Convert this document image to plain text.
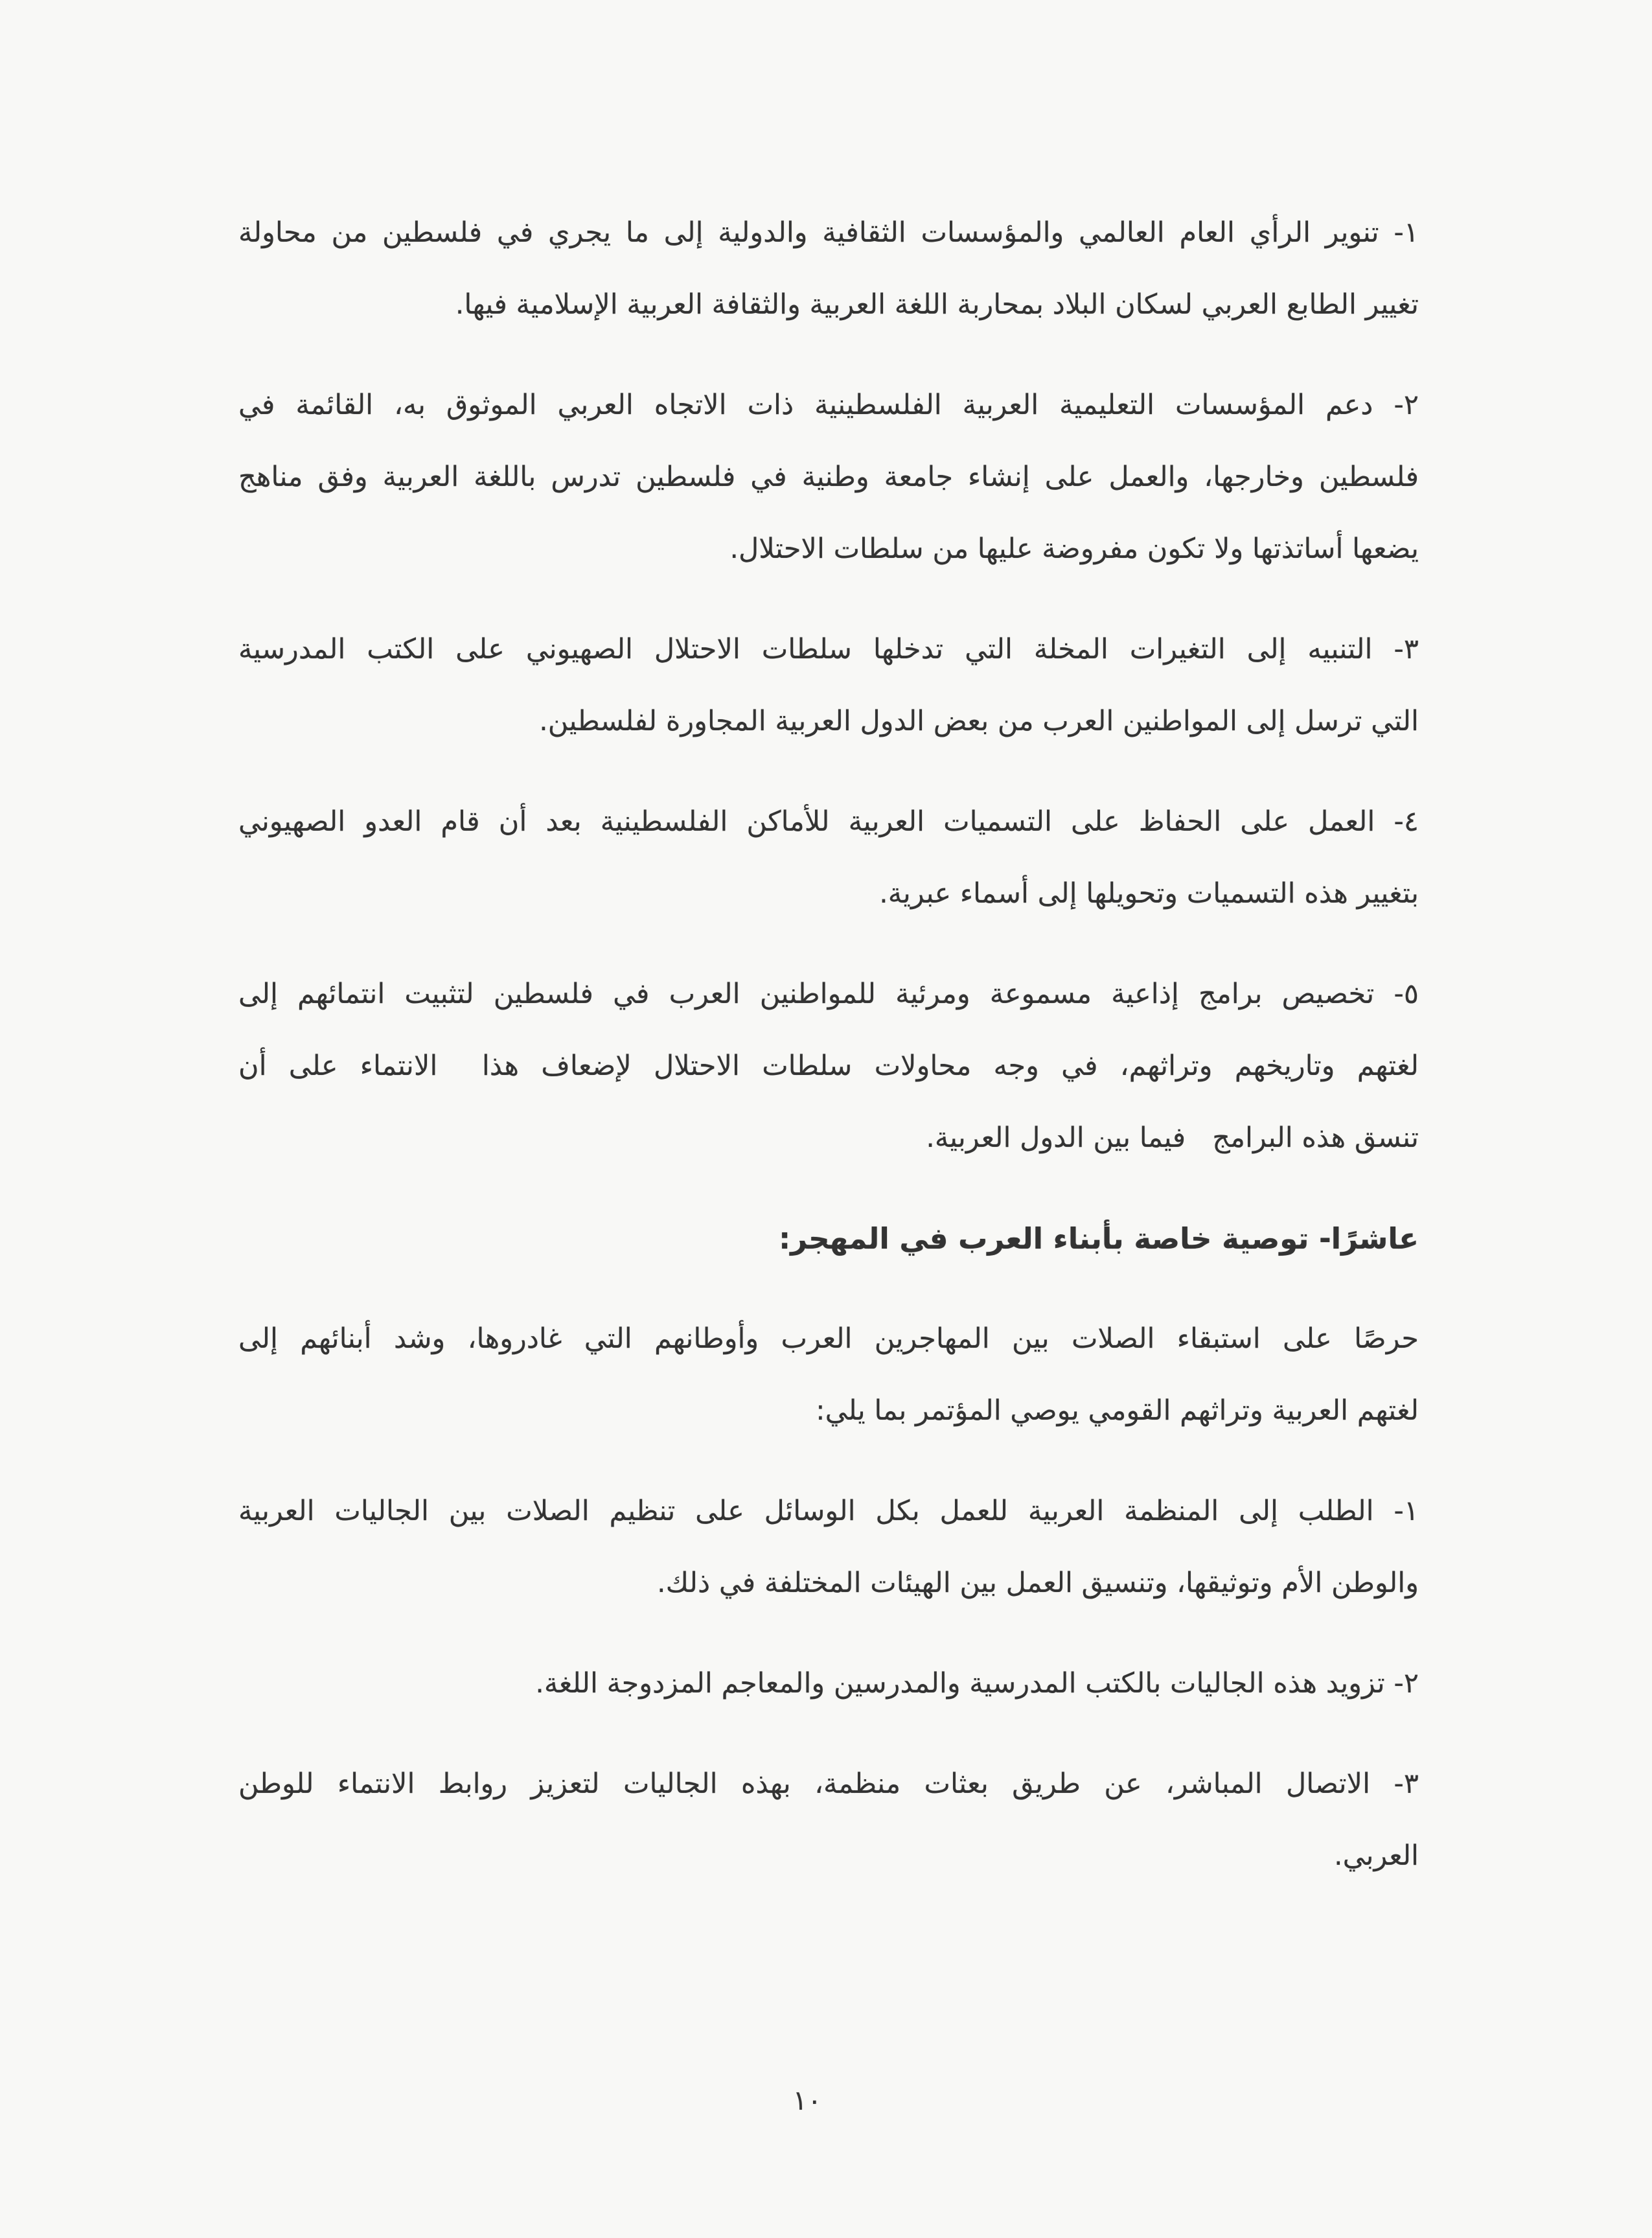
١- تنوير الرأي العام العالمي والمؤسسات الثقافية والدولية إلى ما يجري في فلسطين من محاولة
تغيير الطابع العربي لسكان البلاد بمحاربة اللغة العربية والثقافة العربية الإسلامية فيها.

٢- دعم المؤسسات التعليمية العربية الفلسطينية ذات الاتجاه العربي الموثوق به، القائمة في
فلسطين وخارجها، والعمل على إنشاء جامعة وطنية في فلسطين تدرس باللغة العربية وفق مناهج
يضعها أساتذتها ولا تكون مفروضة عليها من سلطات الاحتلال.

٣- التنبيه إلى التغيرات المخلة التي تدخلها سلطات الاحتلال الصهيوني على الكتب المدرسية
التي ترسل إلى المواطنين العرب من بعض الدول العربية المجاورة لفلسطين.

٤- العمل على الحفاظ على التسميات العربية للأماكن الفلسطينية بعد أن قام العدو الصهيوني
بتغيير هذه التسميات وتحويلها إلى أسماء عبرية.

٥- تخصيص برامج إذاعية مسموعة ومرئية للمواطنين العرب في فلسطين لتثبيت انتمائهم إلى
لغتهم وتاريخهم وتراثهم، في وجه محاولات سلطات الاحتلال لإضعاف هذا  الانتماء على أن
تنسق هذه البرامج   فيما بين الدول العربية.

عاشرًا- توصية خاصة بأبناء العرب في المهجر:

حرصًا على استبقاء الصلات بين المهاجرين العرب وأوطانهم التي غادروها، وشد أبنائهم إلى
لغتهم العربية وتراثهم القومي يوصي المؤتمر بما يلي:

١- الطلب إلى المنظمة العربية للعمل بكل الوسائل على تنظيم الصلات بين الجاليات العربية
والوطن الأم وتوثيقها، وتنسيق العمل بين الهيئات المختلفة في ذلك.

٢- تزويد هذه الجاليات بالكتب المدرسية والمدرسين والمعاجم المزدوجة اللغة.

٣- الاتصال المباشر، عن طريق بعثات منظمة، بهذه الجاليات لتعزيز روابط الانتماء للوطن
العربي.

١٠
